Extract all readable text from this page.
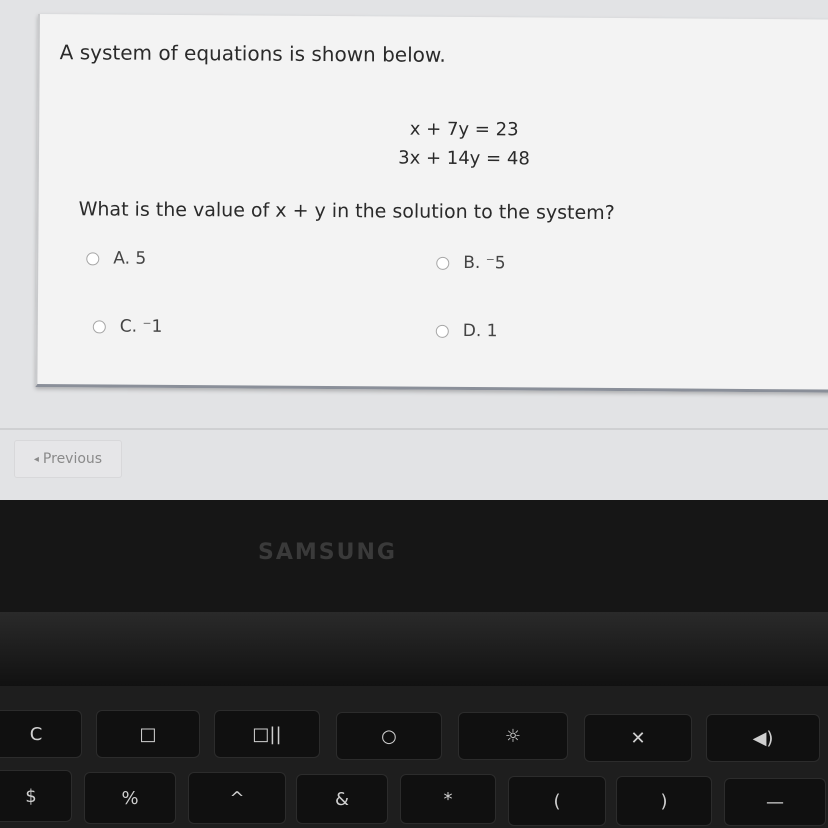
A system of equations is shown below.
x + 7y = 23
3x + 14y = 48
What is the value of x + y in the solution to the system?
A.
5	B.
⁻5
C.
⁻1	D.
1
◂ Previous
SAMSUNG
C	□	□||	○	☼	✕	◀)
$	%	^	&	*	(	)	—
